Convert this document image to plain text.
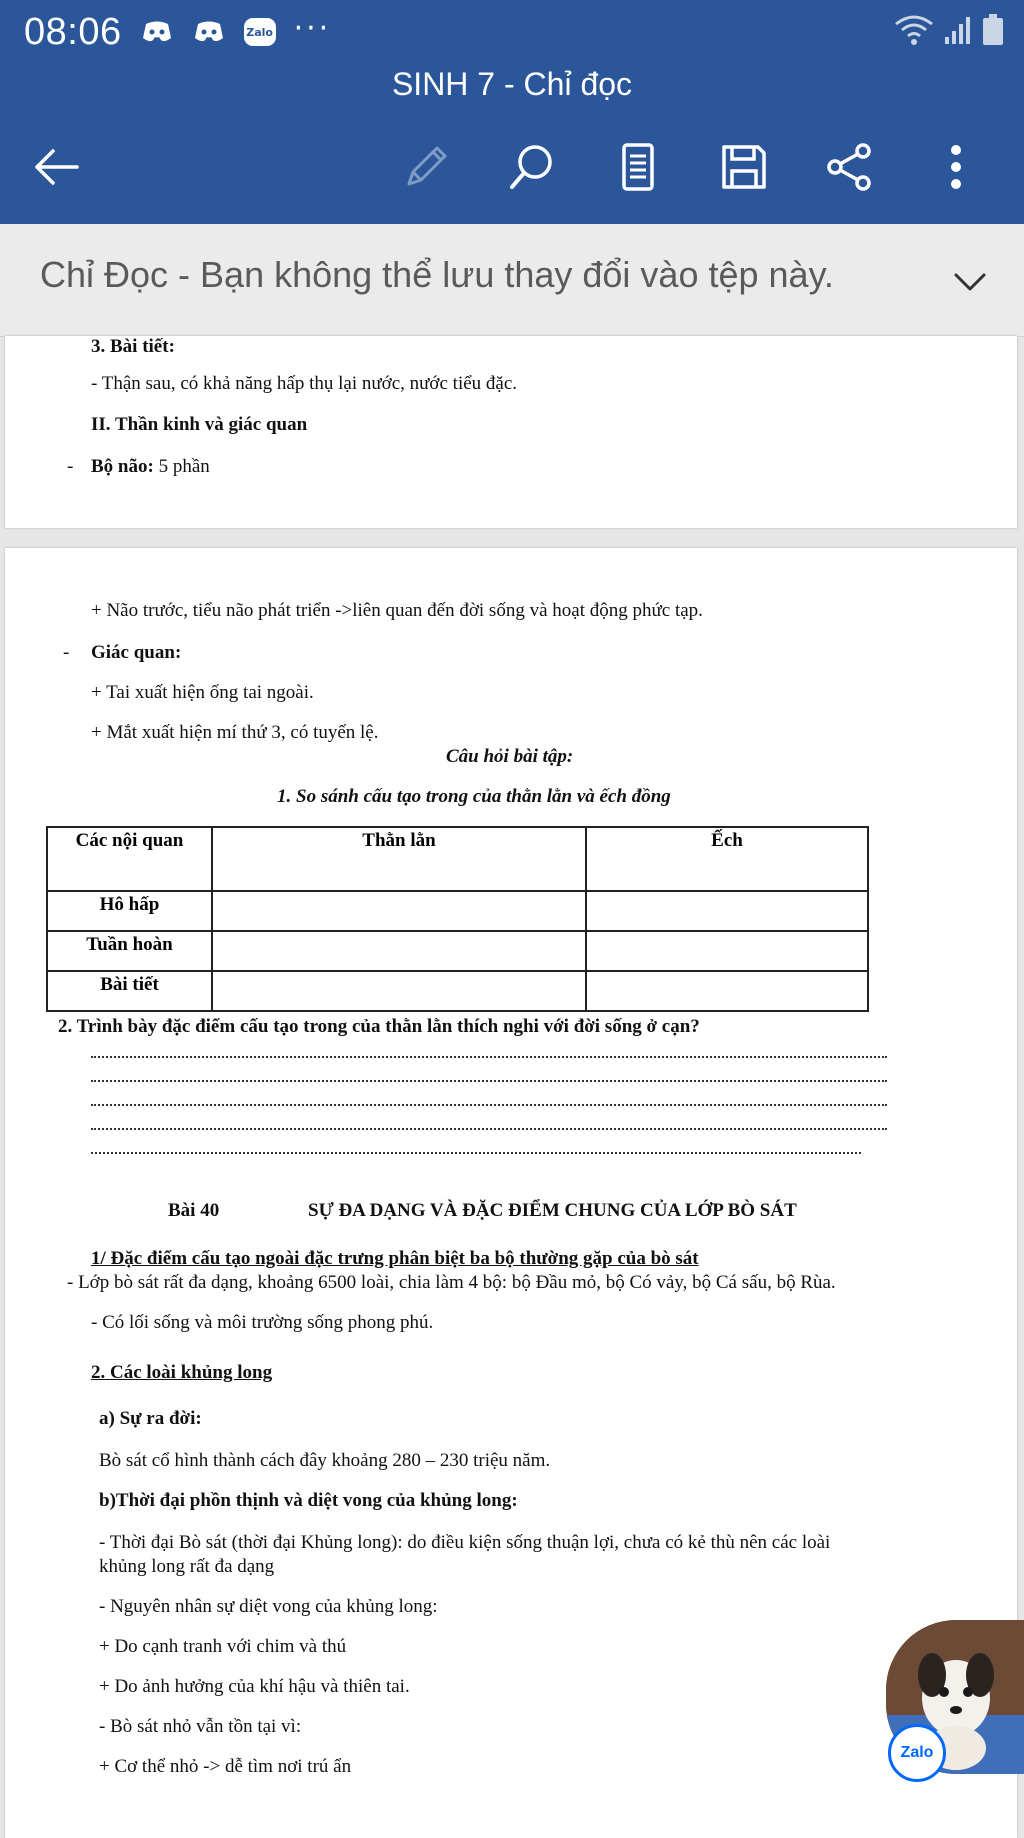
08:06	Zalo ···
SINH 7 - Chỉ đọc
Chỉ Đọc - Bạn không thể lưu thay đổi vào tệp này.
3. Bài tiết:
- Thận sau, có khả năng hấp thụ lại nước, nước tiểu đặc.
II. Thần kinh và giác quan
- Bộ não: 5 phần
+ Não trước, tiểu não phát triển ->liên quan đến đời sống và hoạt động phức tạp.
- Giác quan:
+ Tai xuất hiện ống tai ngoài.
+ Mắt xuất hiện mí thứ 3, có tuyến lệ.
Câu hỏi bài tập:
1. So sánh cấu tạo trong của thằn lằn và ếch đồng
Các nội quan	Thằn lằn	Ếch
Hô hấp		
Tuần hoàn		
Bài tiết		
2. Trình bày đặc điểm cấu tạo trong của thằn lằn thích nghi với đời sống ở cạn?
Bài 40	SỰ ĐA DẠNG VÀ ĐẶC ĐIỂM CHUNG CỦA LỚP BÒ SÁT
1/ Đặc điểm cấu tạo ngoài đặc trưng phân biệt ba bộ thường gặp của bò sát
- Lớp bò sát rất đa dạng, khoảng 6500 loài, chia làm 4 bộ: bộ Đầu mỏ, bộ Có vảy, bộ Cá sấu, bộ Rùa.
- Có lối sống và môi trường sống phong phú.
2. Các loài khủng long
a) Sự ra đời:
Bò sát cổ hình thành cách đây khoảng 280 – 230 triệu năm.
b)Thời đại phồn thịnh và diệt vong của khủng long:
- Thời đại Bò sát (thời đại Khủng long): do điều kiện sống thuận lợi, chưa có kẻ thù nên các loài
khủng long rất đa dạng
- Nguyên nhân sự diệt vong của khủng long:
+ Do cạnh tranh với chim và thú
+ Do ảnh hưởng của khí hậu và thiên tai.
- Bò sát nhỏ vẫn tồn tại vì:
+ Cơ thể nhỏ -> dễ tìm nơi trú ẩn
Zalo
